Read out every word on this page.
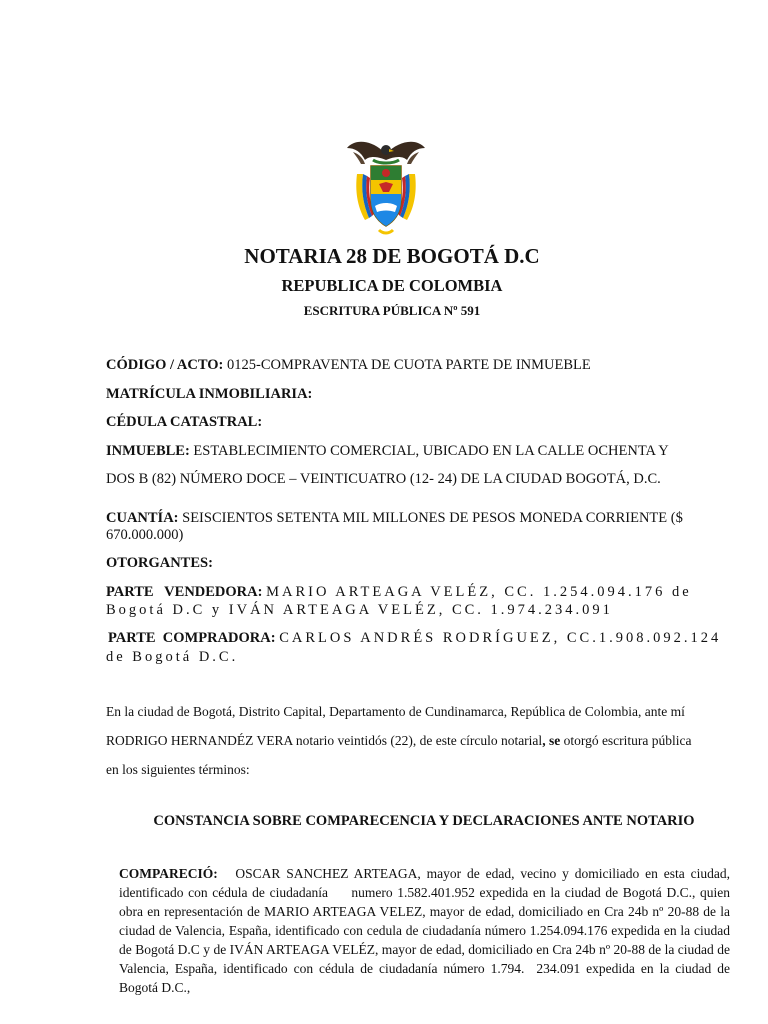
NOTARIA 28 DE BOGOTÁ D.C
REPUBLICA DE COLOMBIA
ESCRITURA PÚBLICA Nº 591
CÓDIGO / ACTO: 0125-COMPRAVENTA DE CUOTA PARTE DE INMUEBLE
MATRÍCULA INMOBILIARIA:
CÉDULA CATASTRAL:
INMUEBLE: ESTABLECIMIENTO COMERCIAL, UBICADO EN LA CALLE OCHENTA Y
DOS B (82) NÚMERO DOCE – VEINTICUATRO (12- 24) DE LA CIUDAD BOGOTÁ, D.C.
CUANTÍA: SEISCIENTOS SETENTA MIL MILLONES DE PESOS MONEDA CORRIENTE ($
670.000.000)
OTORGANTES:
PARTE   VENDEDORA: MARIO ARTEAGA VELÉZ, CC. 1.254.094.176 de
Bogotá D.C y IVÁN ARTEAGA VELÉZ, CC. 1.974.234.091
PARTE  COMPRADORA: CARLOS ANDRÉS RODRÍGUEZ, CC.1.908.092.124
de Bogotá D.C.
En la ciudad de Bogotá, Distrito Capital, Departamento de Cundinamarca, República de Colombia, ante mí RODRIGO HERNANDÉZ VERA notario veintidós (22), de este círculo notarial, se otorgó escritura pública en los siguientes términos:
CONSTANCIA SOBRE COMPARECENCIA Y DECLARACIONES ANTE NOTARIO
COMPARECIÓ: OSCAR SANCHEZ ARTEAGA, mayor de edad, vecino y domiciliado en esta ciudad, identificado con cédula de ciudadanía     numero 1.582.401.952 expedida en la ciudad de Bogotá D.C., quien obra en representación de MARIO ARTEAGA VELEZ, mayor de edad, domiciliado en Cra 24b nº 20-88 de la ciudad de Valencia, España, identificado con cedula de ciudadanía número 1.254.094.176 expedida en la ciudad de Bogotá D.C y de IVÁN ARTEAGA VELÉZ, mayor de edad, domiciliado en Cra 24b nº 20-88 de la ciudad de Valencia, España, identificado con cédula de ciudadanía número 1.794.  234.091 expedida en la ciudad de Bogotá D.C.,
